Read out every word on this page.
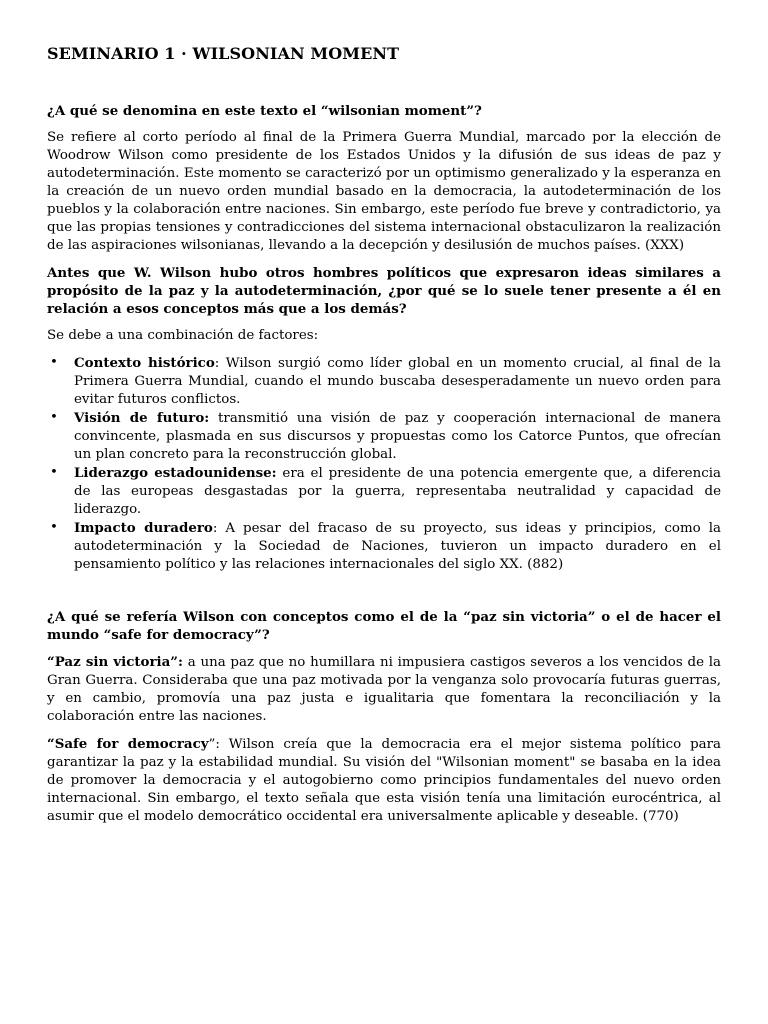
SEMINARIO 1 · WILSONIAN MOMENT
¿A qué se denomina en este texto el “wilsonian moment”?

Se refiere al corto período al final de la Primera Guerra Mundial, marcado por la elección de Woodrow Wilson como presidente de los Estados Unidos y la difusión de sus ideas de paz y autodeterminación. Este momento se caracterizó por un optimismo generalizado y la esperanza en la creación de un nuevo orden mundial basado en la democracia, la autodeterminación de los pueblos y la colaboración entre naciones. Sin embargo, este período fue breve y contradictorio, ya que las propias tensiones y contradicciones del sistema internacional obstaculizaron la realización de las aspiraciones wilsonianas, llevando a la decepción y desilusión de muchos países. (XXX)

Antes que W. Wilson hubo otros hombres políticos que expresaron ideas similares a propósito de la paz y la autodeterminación, ¿por qué se lo suele tener presente a él en relación a esos conceptos más que a los demás?

Se debe a una combinación de factores:

• Contexto histórico: Wilson surgió como líder global en un momento crucial, al final de la Primera Guerra Mundial, cuando el mundo buscaba desesperadamente un nuevo orden para evitar futuros conflictos.
• Visión de futuro: transmitió una visión de paz y cooperación internacional de manera convincente, plasmada en sus discursos y propuestas como los Catorce Puntos, que ofrecían un plan concreto para la reconstrucción global.
• Liderazgo estadounidense: era el presidente de una potencia emergente que, a diferencia de las europeas desgastadas por la guerra, representaba neutralidad y capacidad de liderazgo.
• Impacto duradero: A pesar del fracaso de su proyecto, sus ideas y principios, como la autodeterminación y la Sociedad de Naciones, tuvieron un impacto duradero en el pensamiento político y las relaciones internacionales del siglo XX. (882)
¿A qué se refería Wilson con conceptos como el de la “paz sin victoria” o el de hacer el mundo “safe for democracy”?

“Paz sin victoria”: a una paz que no humillara ni impusiera castigos severos a los vencidos de la Gran Guerra. Consideraba que una paz motivada por la venganza solo provocaría futuras guerras, y en cambio, promovía una paz justa e igualitaria que fomentara la reconciliación y la colaboración entre las naciones.

“Safe for democracy”: Wilson creía que la democracia era el mejor sistema político para garantizar la paz y la estabilidad mundial. Su visión del "Wilsonian moment" se basaba en la idea de promover la democracia y el autogobierno como principios fundamentales del nuevo orden internacional. Sin embargo, el texto señala que esta visión tenía una limitación eurocéntrica, al asumir que el modelo democrático occidental era universalmente aplicable y deseable. (770)
